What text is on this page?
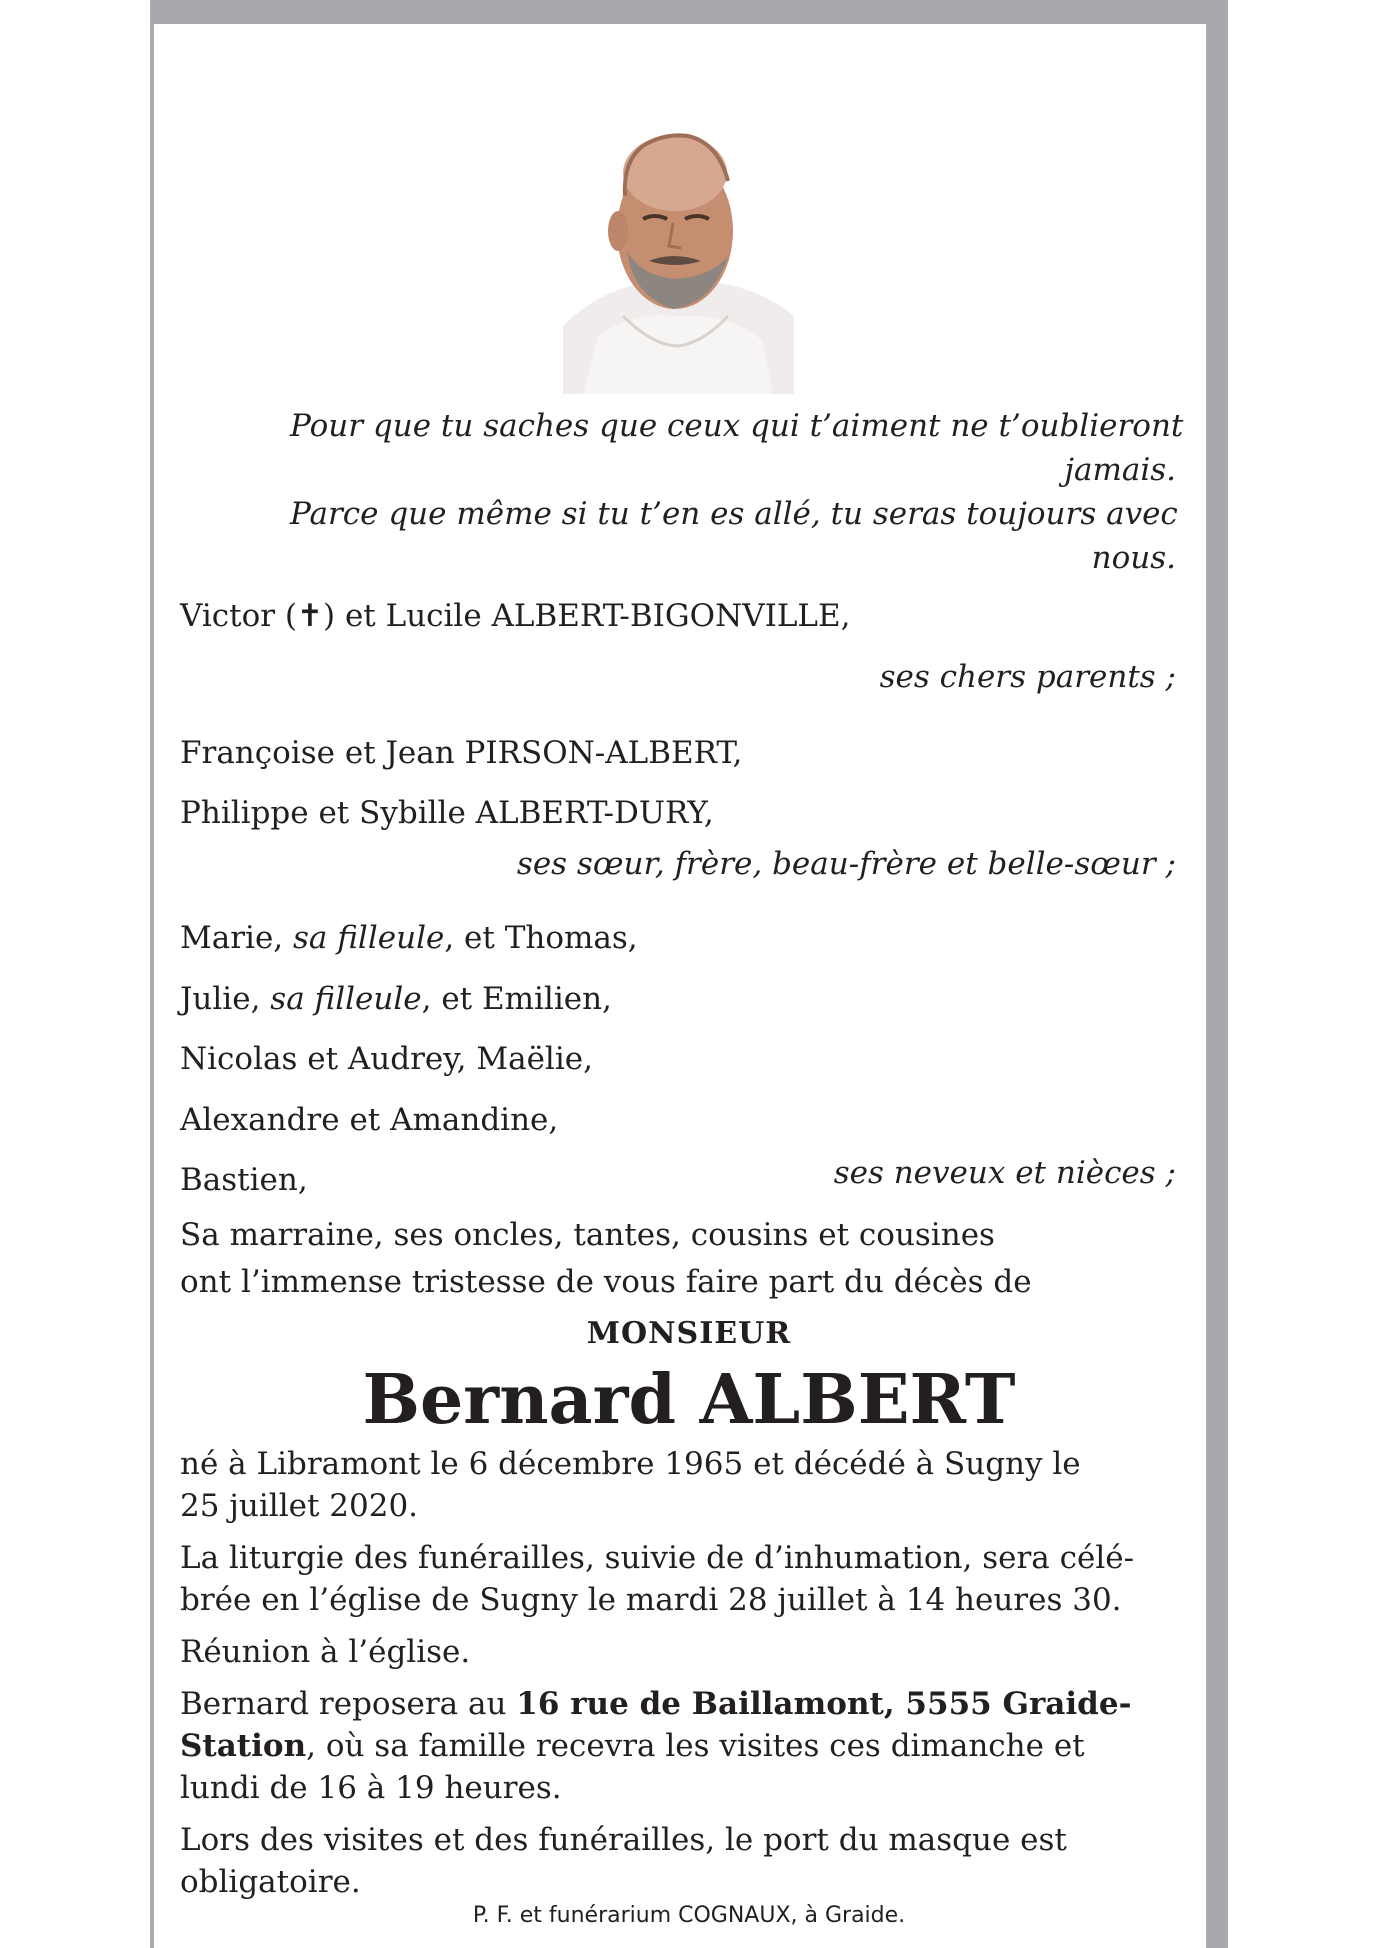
Pour que tu saches que ceux qui t’aiment ne t’oublieront
jamais.
Parce que même si tu t’en es allé, tu seras toujours avec
nous.
Victor (✝) et Lucile ALBERT-BIGONVILLE,
ses chers parents ;
Françoise et Jean PIRSON-ALBERT,
Philippe et Sybille ALBERT-DURY,
ses sœur, frère, beau-frère et belle-sœur ;
Marie, sa filleule, et Thomas,
Julie, sa filleule, et Emilien,
Nicolas et Audrey, Maëlie,
Alexandre et Amandine,
Bastien,	ses neveux et nièces ;
Sa marraine, ses oncles, tantes, cousins et cousines
ont l’immense tristesse de vous faire part du décès de
MONSIEUR
Bernard ALBERT
né à Libramont le 6 décembre 1965 et décédé à Sugny le
25 juillet 2020.
La liturgie des funérailles, suivie de d’inhumation, sera célé-
brée en l’église de Sugny le mardi 28 juillet à 14 heures 30.
Réunion à l’église.
Bernard reposera au 16 rue de Baillamont, 5555 Graide-
Station, où sa famille recevra les visites ces dimanche et
lundi de 16 à 19 heures.
Lors des visites et des funérailles, le port du masque est
obligatoire.
P. F. et funérarium COGNAUX, à Graide.
